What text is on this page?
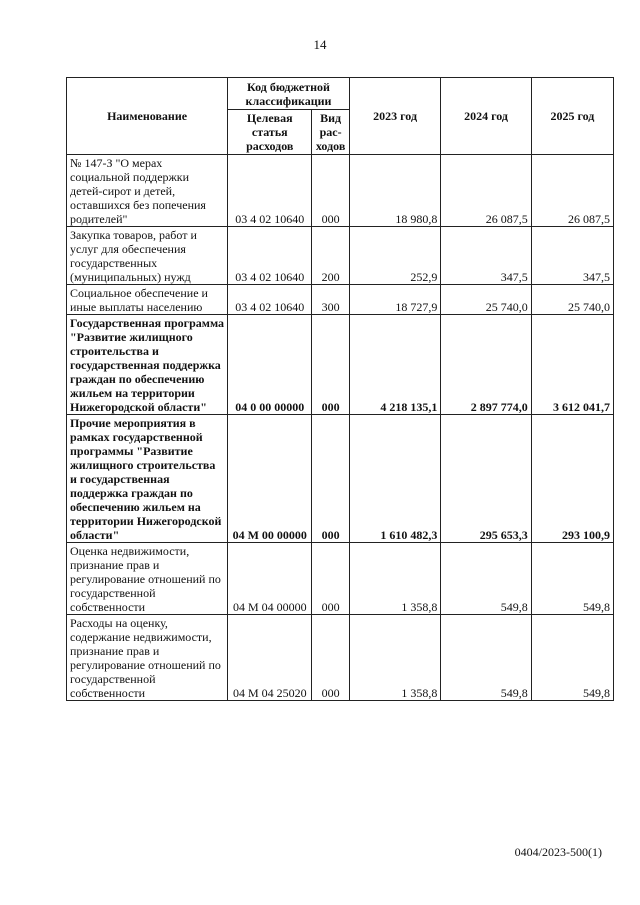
14
Наименование	Код бюджетной классификации		2023 год	2024 год	2025 год
	Целевая статья расходов	Вид рас-ходов			
№ 147-З "О мерах социальной поддержки детей-сирот и детей, оставшихся без попечения родителей"	03 4 02 10640	000	18 980,8	26 087,5	26 087,5
Закупка товаров, работ и услуг для обеспечения государственных (муниципальных) нужд	03 4 02 10640	200	252,9	347,5	347,5
Социальное обеспечение и иные выплаты населению	03 4 02 10640	300	18 727,9	25 740,0	25 740,0
Государственная программа "Развитие жилищного строительства и государственная поддержка граждан по обеспечению жильем на территории Нижегородской области"	04 0 00 00000	000	4 218 135,1	2 897 774,0	3 612 041,7
Прочие мероприятия в рамках государственной программы "Развитие жилищного строительства и государственная поддержка граждан по обеспечению жильем на территории Нижегородской области"	04 М 00 00000	000	1 610 482,3	295 653,3	293 100,9
Оценка недвижимости, признание прав и регулирование отношений по государственной собственности	04 М 04 00000	000	1 358,8	549,8	549,8
Расходы на оценку, содержание недвижимости, признание прав и регулирование отношений по государственной собственности	04 М 04 25020	000	1 358,8	549,8	549,8
0404/2023-500(1)
